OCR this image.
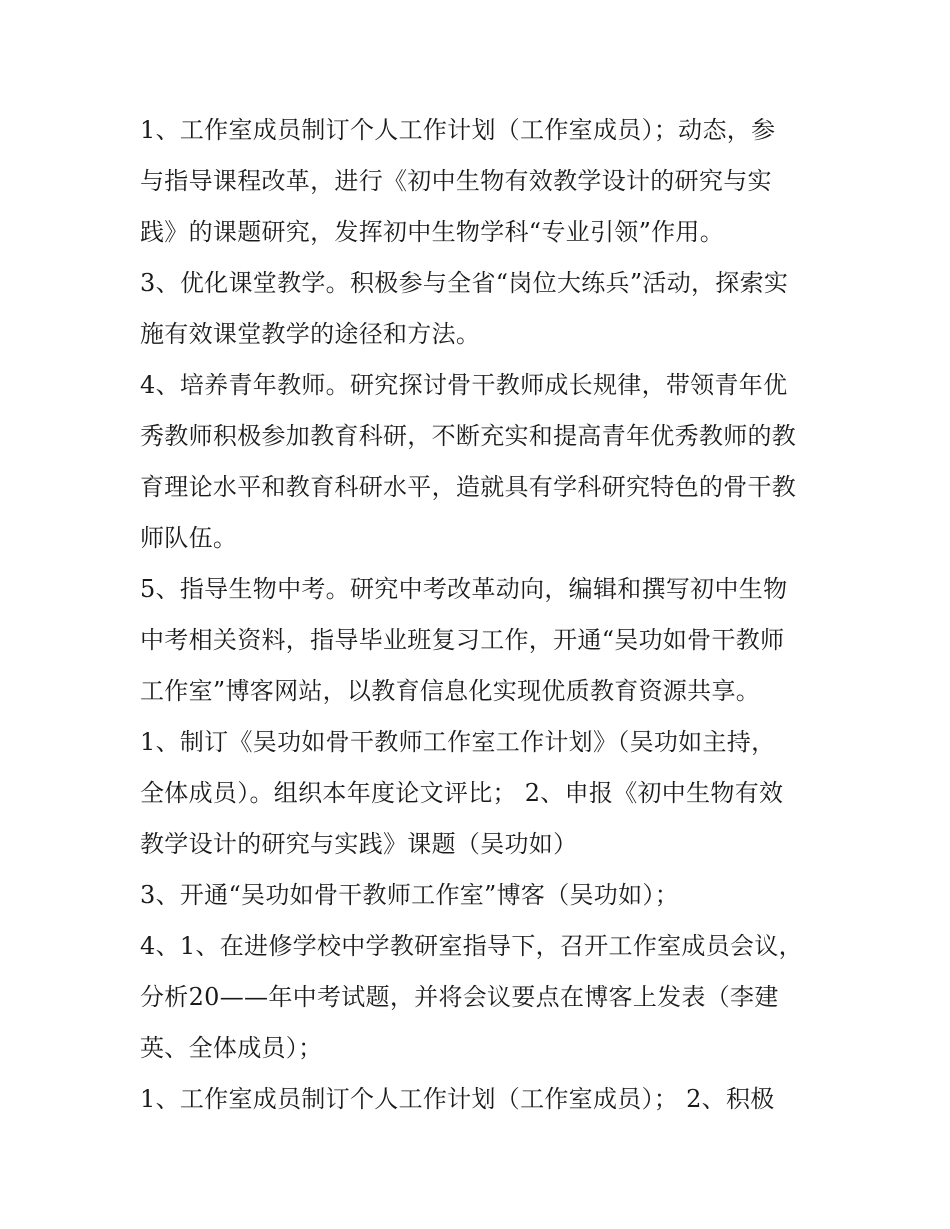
1、工作室成员制订个人工作计划（工作室成员）；动态，参
与指导课程改革，进行《初中生物有效教学设计的研究与实
践》的课题研究，发挥初中生物学科“专业引领”作用。
3、优化课堂教学。积极参与全省“岗位大练兵”活动，探索实
施有效课堂教学的途径和方法。
4、培养青年教师。研究探讨骨干教师成长规律，带领青年优
秀教师积极参加教育科研，不断充实和提高青年优秀教师的教
育理论水平和教育科研水平，造就具有学科研究特色的骨干教
师队伍。
5、指导生物中考。研究中考改革动向，编辑和撰写初中生物
中考相关资料，指导毕业班复习工作，开通“吴功如骨干教师
工作室”博客网站，以教育信息化实现优质教育资源共享。
1、制订《吴功如骨干教师工作室工作计划》（吴功如主持，
全体成员）。组织本年度论文评比； 2、申报《初中生物有效
教学设计的研究与实践》课题（吴功如）
3、开通“吴功如骨干教师工作室”博客（吴功如）；
4、1、在进修学校中学教研室指导下，召开工作室成员会议，
分析20——年中考试题，并将会议要点在博客上发表（李建
英、全体成员）；
1、工作室成员制订个人工作计划（工作室成员）； 2、积极
